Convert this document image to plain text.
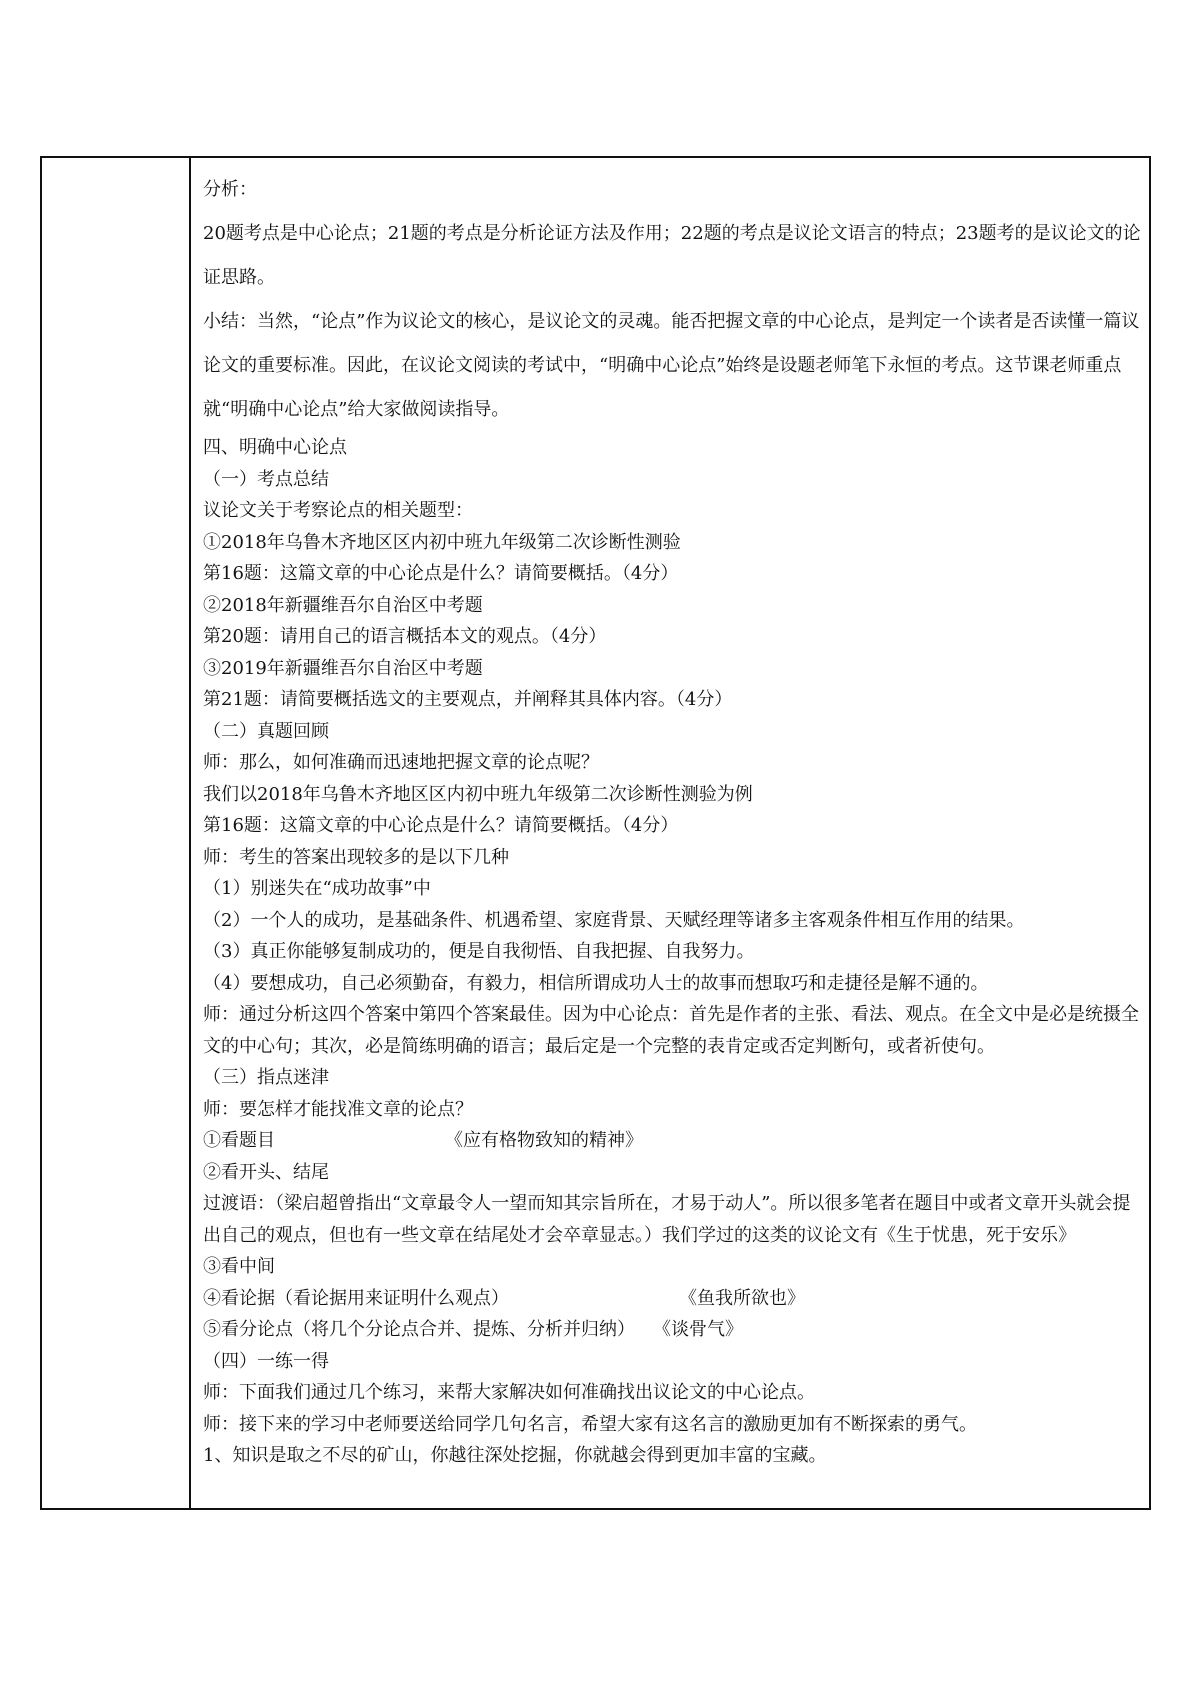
分析：

20题考点是中心论点；21题的考点是分析论证方法及作用；22题的考点是议论文语言的特点；23题考的是议论文的论证思路。

小结：当然，“论点”作为议论文的核心，是议论文的灵魂。能否把握文章的中心论点，是判定一个读者是否读懂一篇议论文的重要标准。因此，在议论文阅读的考试中，“明确中心论点”始终是设题老师笔下永恒的考点。这节课老师重点就“明确中心论点”给大家做阅读指导。

四、明确中心论点

（一）考点总结

议论文关于考察论点的相关题型：

①2018年乌鲁木齐地区区内初中班九年级第二次诊断性测验

第16题：这篇文章的中心论点是什么？请简要概括。（4分）

②2018年新疆维吾尔自治区中考题

第20题：请用自己的语言概括本文的观点。（4分）

③2019年新疆维吾尔自治区中考题

第21题：请简要概括选文的主要观点，并阐释其具体内容。（4分）

（二）真题回顾

师：那么，如何准确而迅速地把握文章的论点呢？

我们以2018年乌鲁木齐地区区内初中班九年级第二次诊断性测验为例

第16题：这篇文章的中心论点是什么？请简要概括。（4分）

师：考生的答案出现较多的是以下几种

（1）别迷失在“成功故事”中

（2）一个人的成功，是基础条件、机遇希望、家庭背景、天赋经理等诸多主客观条件相互作用的结果。

（3）真正你能够复制成功的，便是自我彻悟、自我把握、自我努力。

（4）要想成功，自己必须勤奋，有毅力，相信所谓成功人士的故事而想取巧和走捷径是解不通的。

师：通过分析这四个答案中第四个答案最佳。因为中心论点：首先是作者的主张、看法、观点。在全文中是必是统摄全文的中心句；其次，必是简练明确的语言；最后定是一个完整的表肯定或否定判断句，或者祈使句。

（三）指点迷津

师：要怎样才能找准文章的论点？

①看题目	《应有格物致知的精神》

②看开头、结尾

过渡语：（梁启超曾指出“文章最令人一望而知其宗旨所在，才易于动人”。所以很多笔者在题目中或者文章开头就会提出自己的观点，但也有一些文章在结尾处才会卒章显志。）我们学过的这类的议论文有《生于忧患，死于安乐》

③看中间

④看论据（看论据用来证明什么观点）	《鱼我所欲也》

⑤看分论点（将几个分论点合并、提炼、分析并归纳） 《谈骨气》

（四）一练一得

师：下面我们通过几个练习，来帮大家解决如何准确找出议论文的中心论点。

师：接下来的学习中老师要送给同学几句名言，希望大家有这名言的激励更加有不断探索的勇气。

1、知识是取之不尽的矿山，你越往深处挖掘，你就越会得到更加丰富的宝藏。
